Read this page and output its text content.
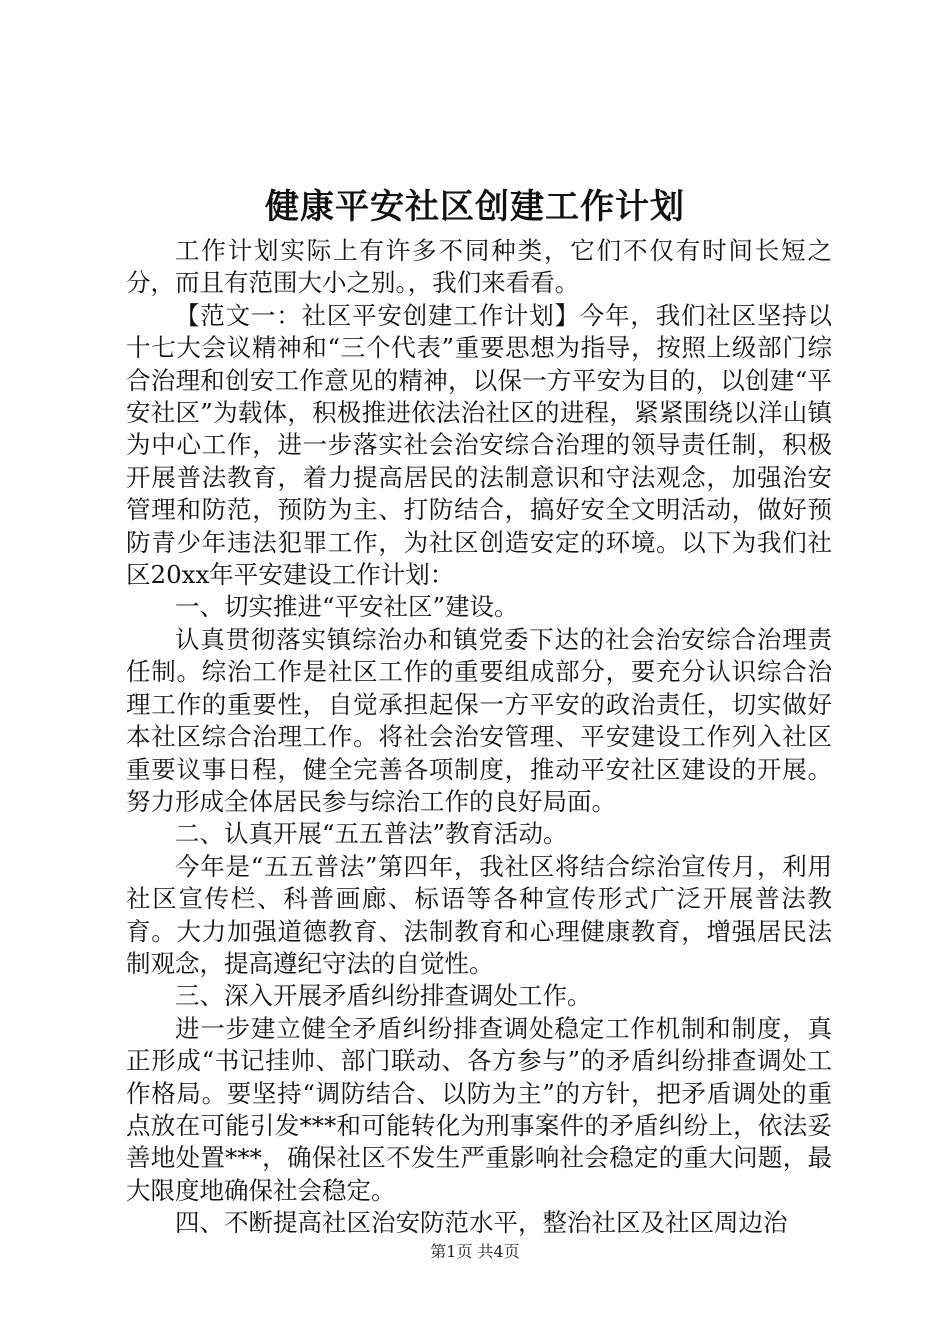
健康平安社区创建工作计划

工作计划实际上有许多不同种类，它们不仅有时间长短之分，而且有范围大小之别。，我们来看看。

【范文一：社区平安创建工作计划】今年，我们社区坚持以十七大会议精神和“三个代表”重要思想为指导，按照上级部门综合治理和创安工作意见的精神，以保一方平安为目的，以创建“平安社区”为载体，积极推进依法治社区的进程，紧紧围绕以洋山镇为中心工作，进一步落实社会治安综合治理的领导责任制，积极开展普法教育，着力提高居民的法制意识和守法观念，加强治安管理和防范，预防为主、打防结合，搞好安全文明活动，做好预防青少年违法犯罪工作，为社区创造安定的环境。以下为我们社区20xx年平安建设工作计划：

一、切实推进“平安社区”建设。

认真贯彻落实镇综治办和镇党委下达的社会治安综合治理责任制。综治工作是社区工作的重要组成部分，要充分认识综合治理工作的重要性，自觉承担起保一方平安的政治责任，切实做好本社区综合治理工作。将社会治安管理、平安建设工作列入社区重要议事日程，健全完善各项制度，推动平安社区建设的开展。努力形成全体居民参与综治工作的良好局面。

二、认真开展“五五普法”教育活动。

今年是“五五普法”第四年，我社区将结合综治宣传月，利用社区宣传栏、科普画廊、标语等各种宣传形式广泛开展普法教育。大力加强道德教育、法制教育和心理健康教育，增强居民法制观念，提高遵纪守法的自觉性。

三、深入开展矛盾纠纷排查调处工作。

进一步建立健全矛盾纠纷排查调处稳定工作机制和制度，真正形成“书记挂帅、部门联动、各方参与”的矛盾纠纷排查调处工作格局。要坚持“调防结合、以防为主”的方针，把矛盾调处的重点放在可能引发***和可能转化为刑事案件的矛盾纠纷上，依法妥善地处置***，确保社区不发生严重影响社会稳定的重大问题，最大限度地确保社会稳定。

四、不断提高社区治安防范水平，整治社区及社区周边治

第1页 共4页
